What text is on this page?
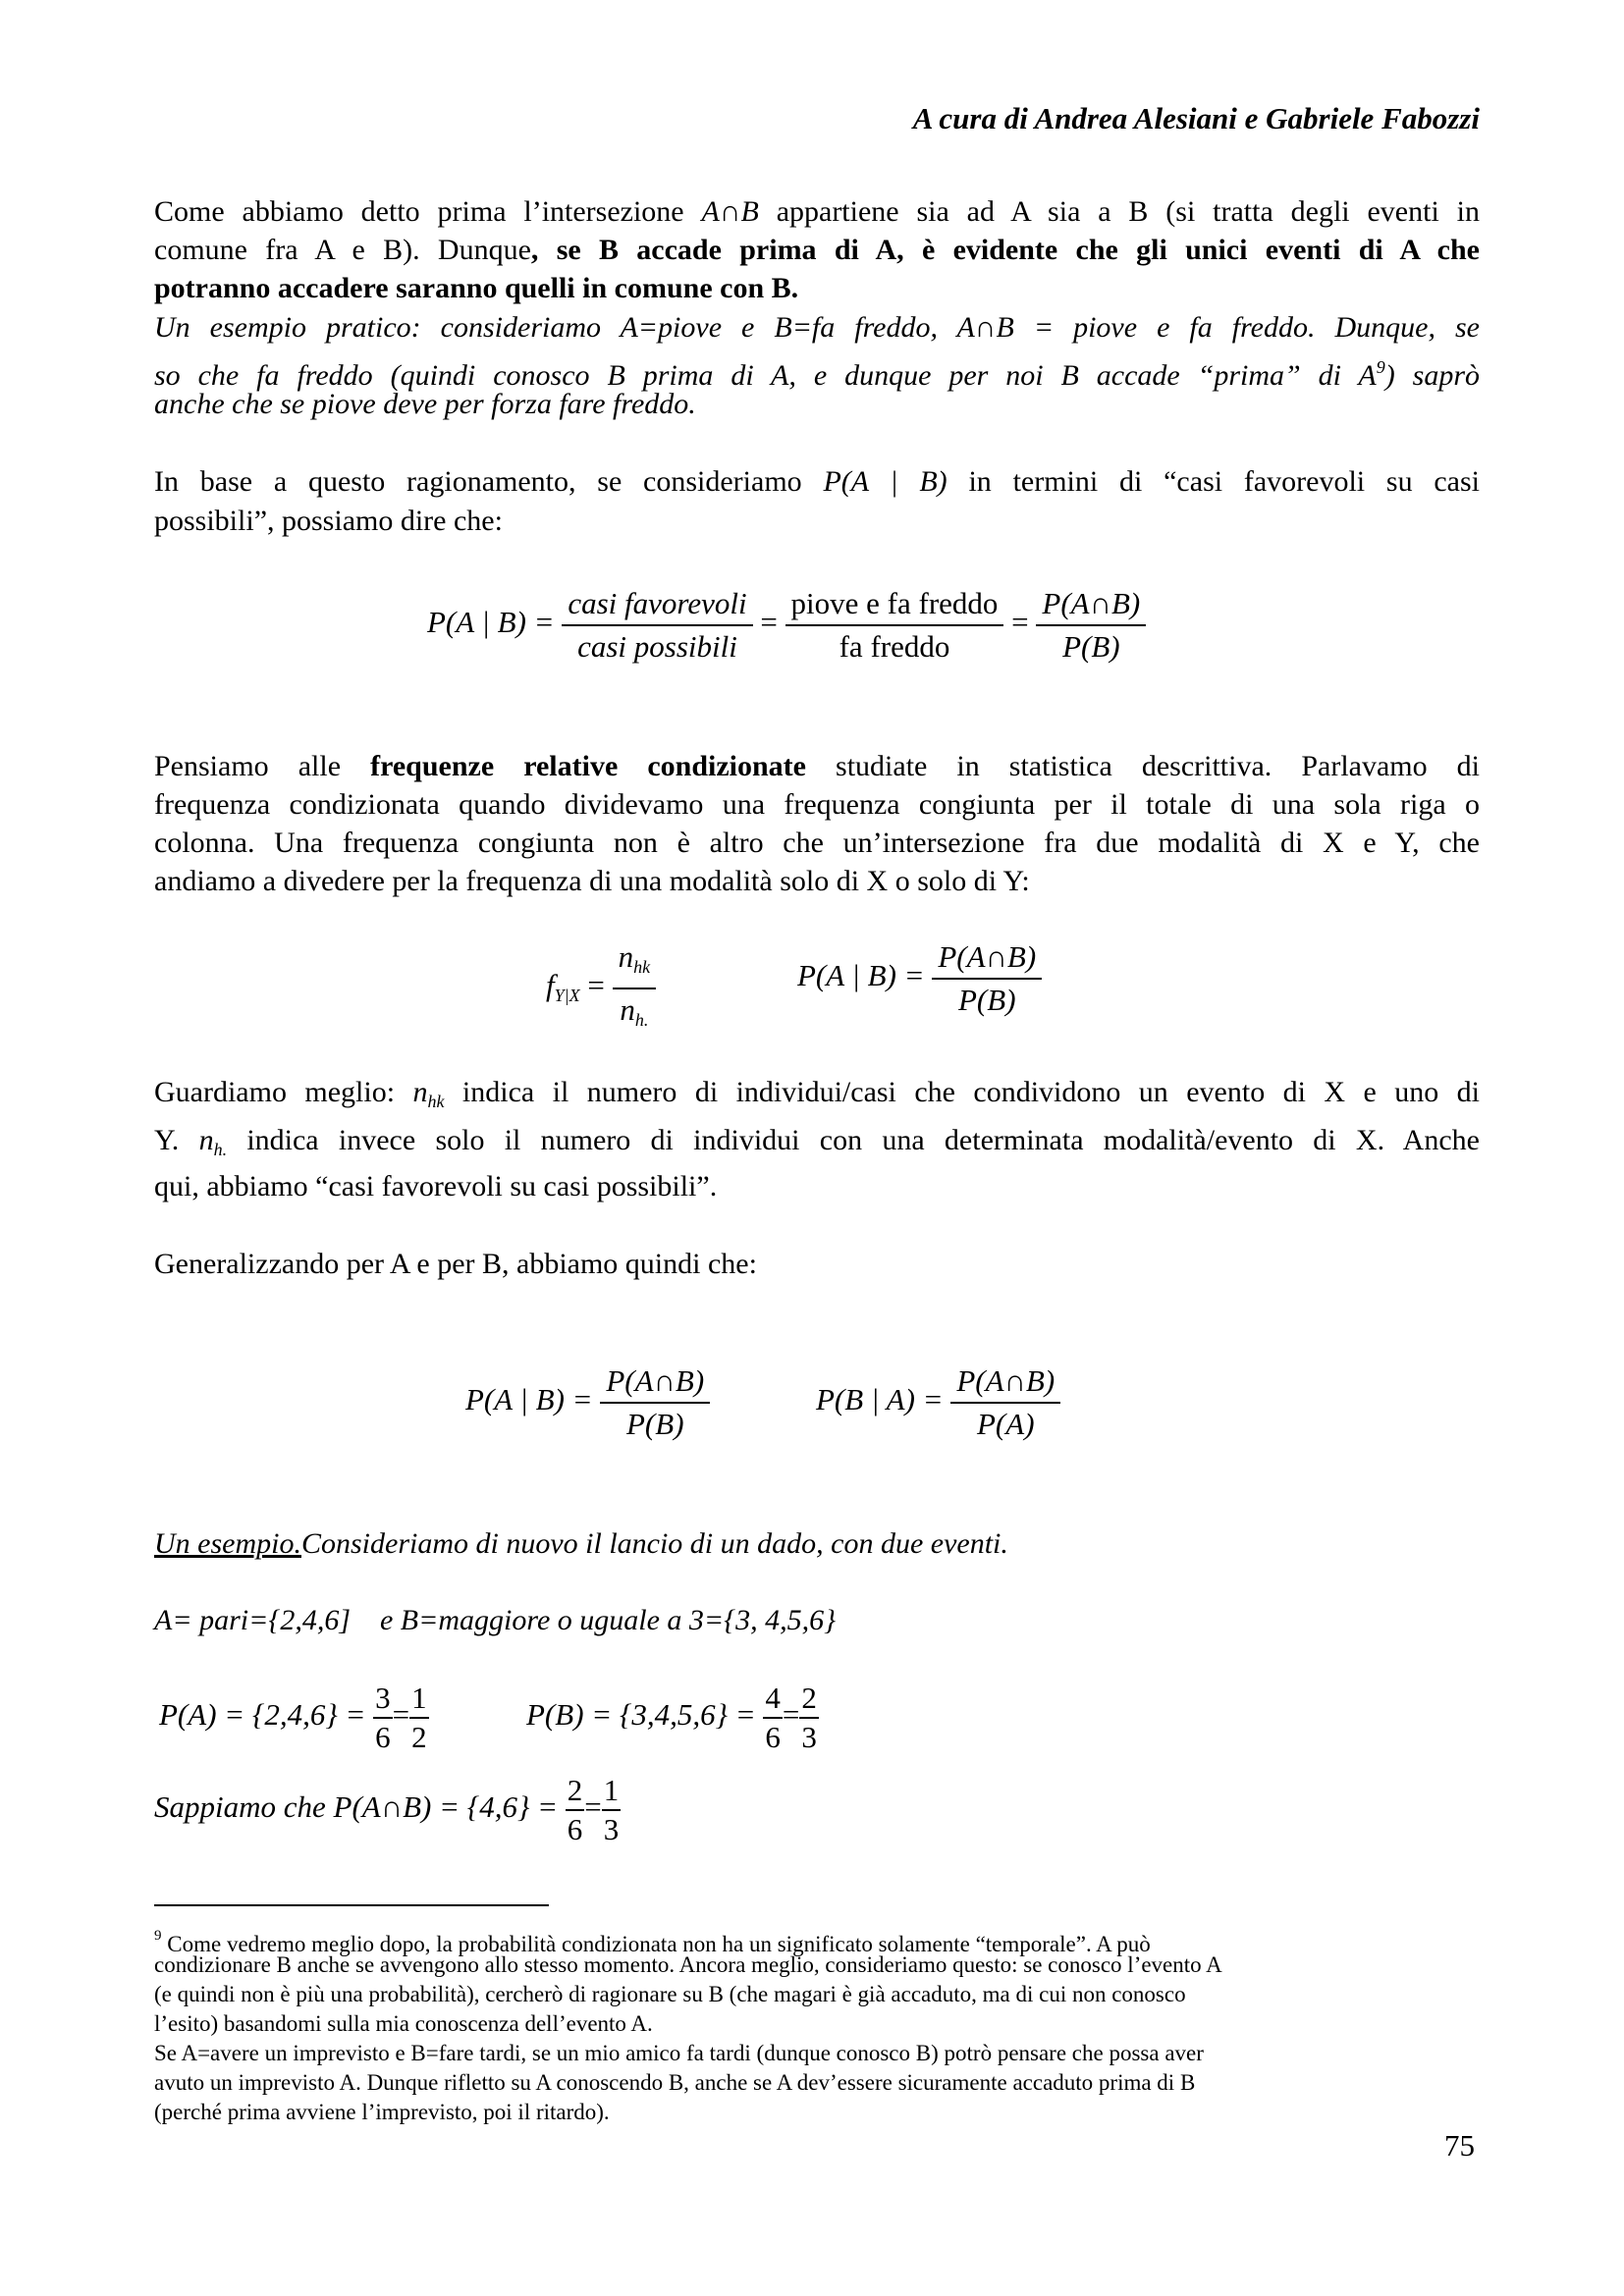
A cura di Andrea Alesiani e Gabriele Fabozzi
Come abbiamo detto prima l’intersezione A∩B appartiene sia ad A sia a B (si tratta degli eventi in
comune fra A e B). Dunque, se B accade prima di A, è evidente che gli unici eventi di A che
potranno accadere saranno quelli in comune con B.
Un esempio pratico: consideriamo A=piove e B=fa freddo, A∩B = piove e fa freddo. Dunque, se
so che fa freddo (quindi conosco B prima di A, e dunque per noi B accade “prima” di $A^9$) saprò
anche che se piove deve per forza fare freddo.
In base a questo ragionamento, se consideriamo P(A | B) in termini di “casi favorevoli su casi
possibili”, possiamo dire che:
P(A | $B) = \frac{\text{casi favorevoli}}{\text{casi possibili}} = \frac{\text{piove e fa freddo}}{\text{fa freddo}} = \frac{P(A\cap B)}{P(B)}$
Pensiamo alle frequenze relative condizionate studiate in statistica descrittiva. Parlavamo di
frequenza condizionata quando dividevamo una frequenza congiunta per il totale di una sola riga o
colonna. Una frequenza congiunta non è altro che un’intersezione fra due modalità di X e Y, che
andiamo a divedere per la frequenza di una modalità solo di X o solo di Y:
$f_{Y|X} = \frac{n_{hk}}{n_{h.}}$	P(A | $B) = \frac{P(A\cap B)}{P(B)}$
Guardiamo meglio: $n_{hk}$ indica il numero di individui/casi che condividono un evento di X e uno di
Y. $n_{h.}$ indica invece solo il numero di individui con una determinata modalità/evento di X. Anche
qui, abbiamo “casi favorevoli su casi possibili”.
Generalizzando per A e per B, abbiamo quindi che:
P(A | $B) = \frac{P(A\cap B)}{P(B)}$	P(B | $A) = \frac{P(A\cap B)}{P(A)}$
Un esempio.Consideriamo di nuovo il lancio di un dado, con due eventi.
A= pari={2,4,6]    e B=maggiore o uguale a 3={3, 4,5,6}
$P(A) = \{2,4,6\} = \frac{3}{6} = \frac{1}{2}$	$P(B) = \{3,4,5,6\} = \frac{4}{6} = \frac{2}{3}$
Sappiamo che P(A∩B) = $\{4,6\} = \frac{2}{6} = \frac{1}{3}$
$^9$ Come vedremo meglio dopo, la probabilità condizionata non ha un significato solamente “temporale”. A può
condizionare B anche se avvengono allo stesso momento. Ancora meglio, consideriamo questo: se conosco l’evento A
(e quindi non è più una probabilità), cercherò di ragionare su B (che magari è già accaduto, ma di cui non conosco
l’esito) basandomi sulla mia conoscenza dell’evento A.
Se A=avere un imprevisto e B=fare tardi, se un mio amico fa tardi (dunque conosco B) potrò pensare che possa aver
avuto un imprevisto A. Dunque rifletto su A conoscendo B, anche se A dev’essere sicuramente accaduto prima di B
(perché prima avviene l’imprevisto, poi il ritardo).
75
